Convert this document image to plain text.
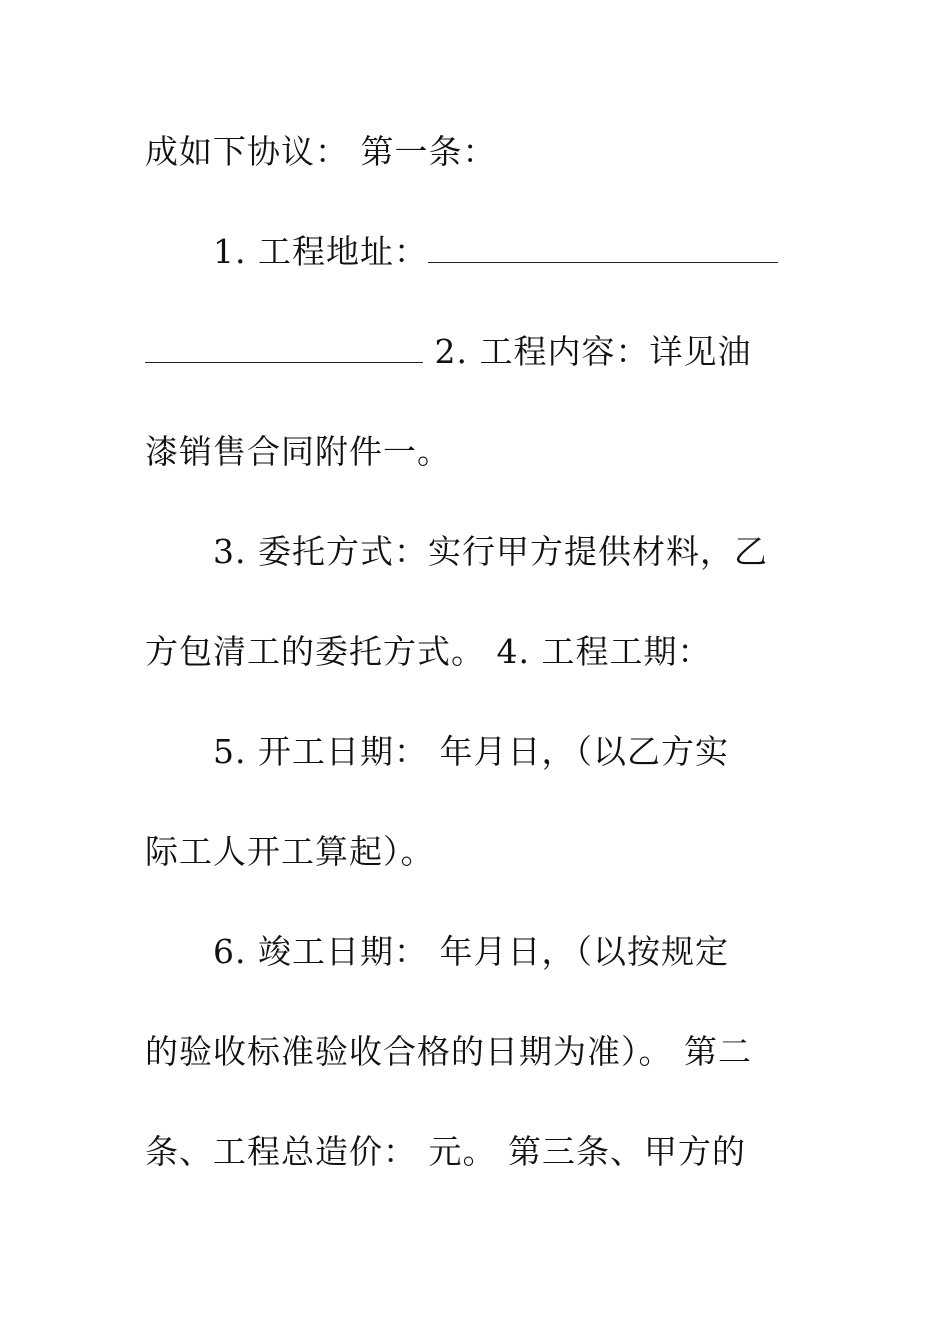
成如下协议： 第一条：
1. 工程地址：
2. 工程内容：详见油
漆销售合同附件一。
3. 委托方式：实行甲方提供材料，乙
方包清工的委托方式。 4. 工程工期：
5. 开工日期： 年月日，（以乙方实
际工人开工算起）。
6. 竣工日期： 年月日，（以按规定
的验收标准验收合格的日期为准）。 第二
条、工程总造价： 元。 第三条、甲方的
